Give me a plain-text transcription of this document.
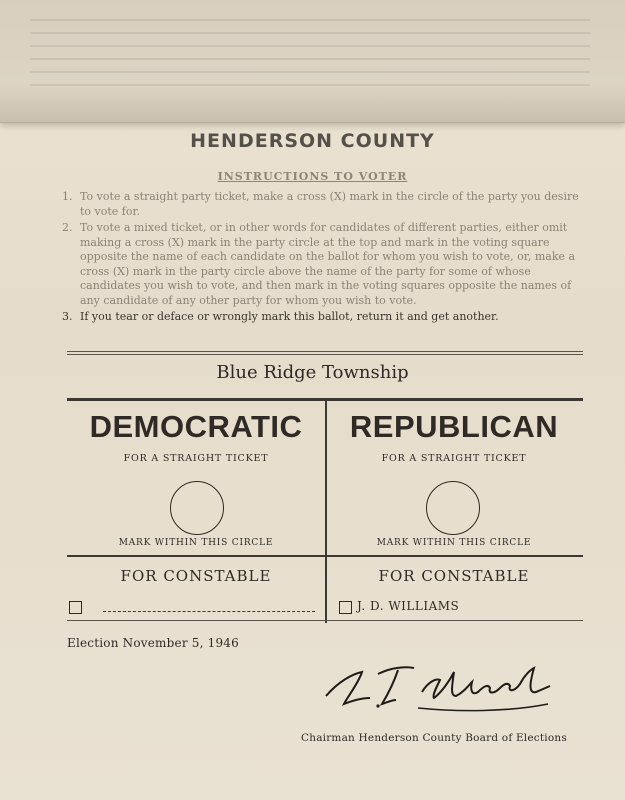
HENDERSON COUNTY
INSTRUCTIONS TO VOTER
1. To vote a straight party ticket, make a cross (X) mark in the circle of the party you desire to vote for.
2. To vote a mixed ticket, or in other words for candidates of different parties, either omit making a cross (X) mark in the party circle at the top and mark in the voting square opposite the name of each candidate on the ballot for whom you wish to vote, or, make a cross (X) mark in the party circle above the name of the party for some of whose candidates you wish to vote, and then mark in the voting squares opposite the names of any candidate of any other party for whom you wish to vote.
3. If you tear or deface or wrongly mark this ballot, return it and get another.
Blue Ridge Township
DEMOCRATIC
FOR A STRAIGHT TICKET
MARK WITHIN THIS CIRCLE
FOR CONSTABLE
REPUBLICAN
FOR A STRAIGHT TICKET
MARK WITHIN THIS CIRCLE
FOR CONSTABLE
J. D. WILLIAMS
Election November 5, 1946
Chairman Henderson County Board of Elections
